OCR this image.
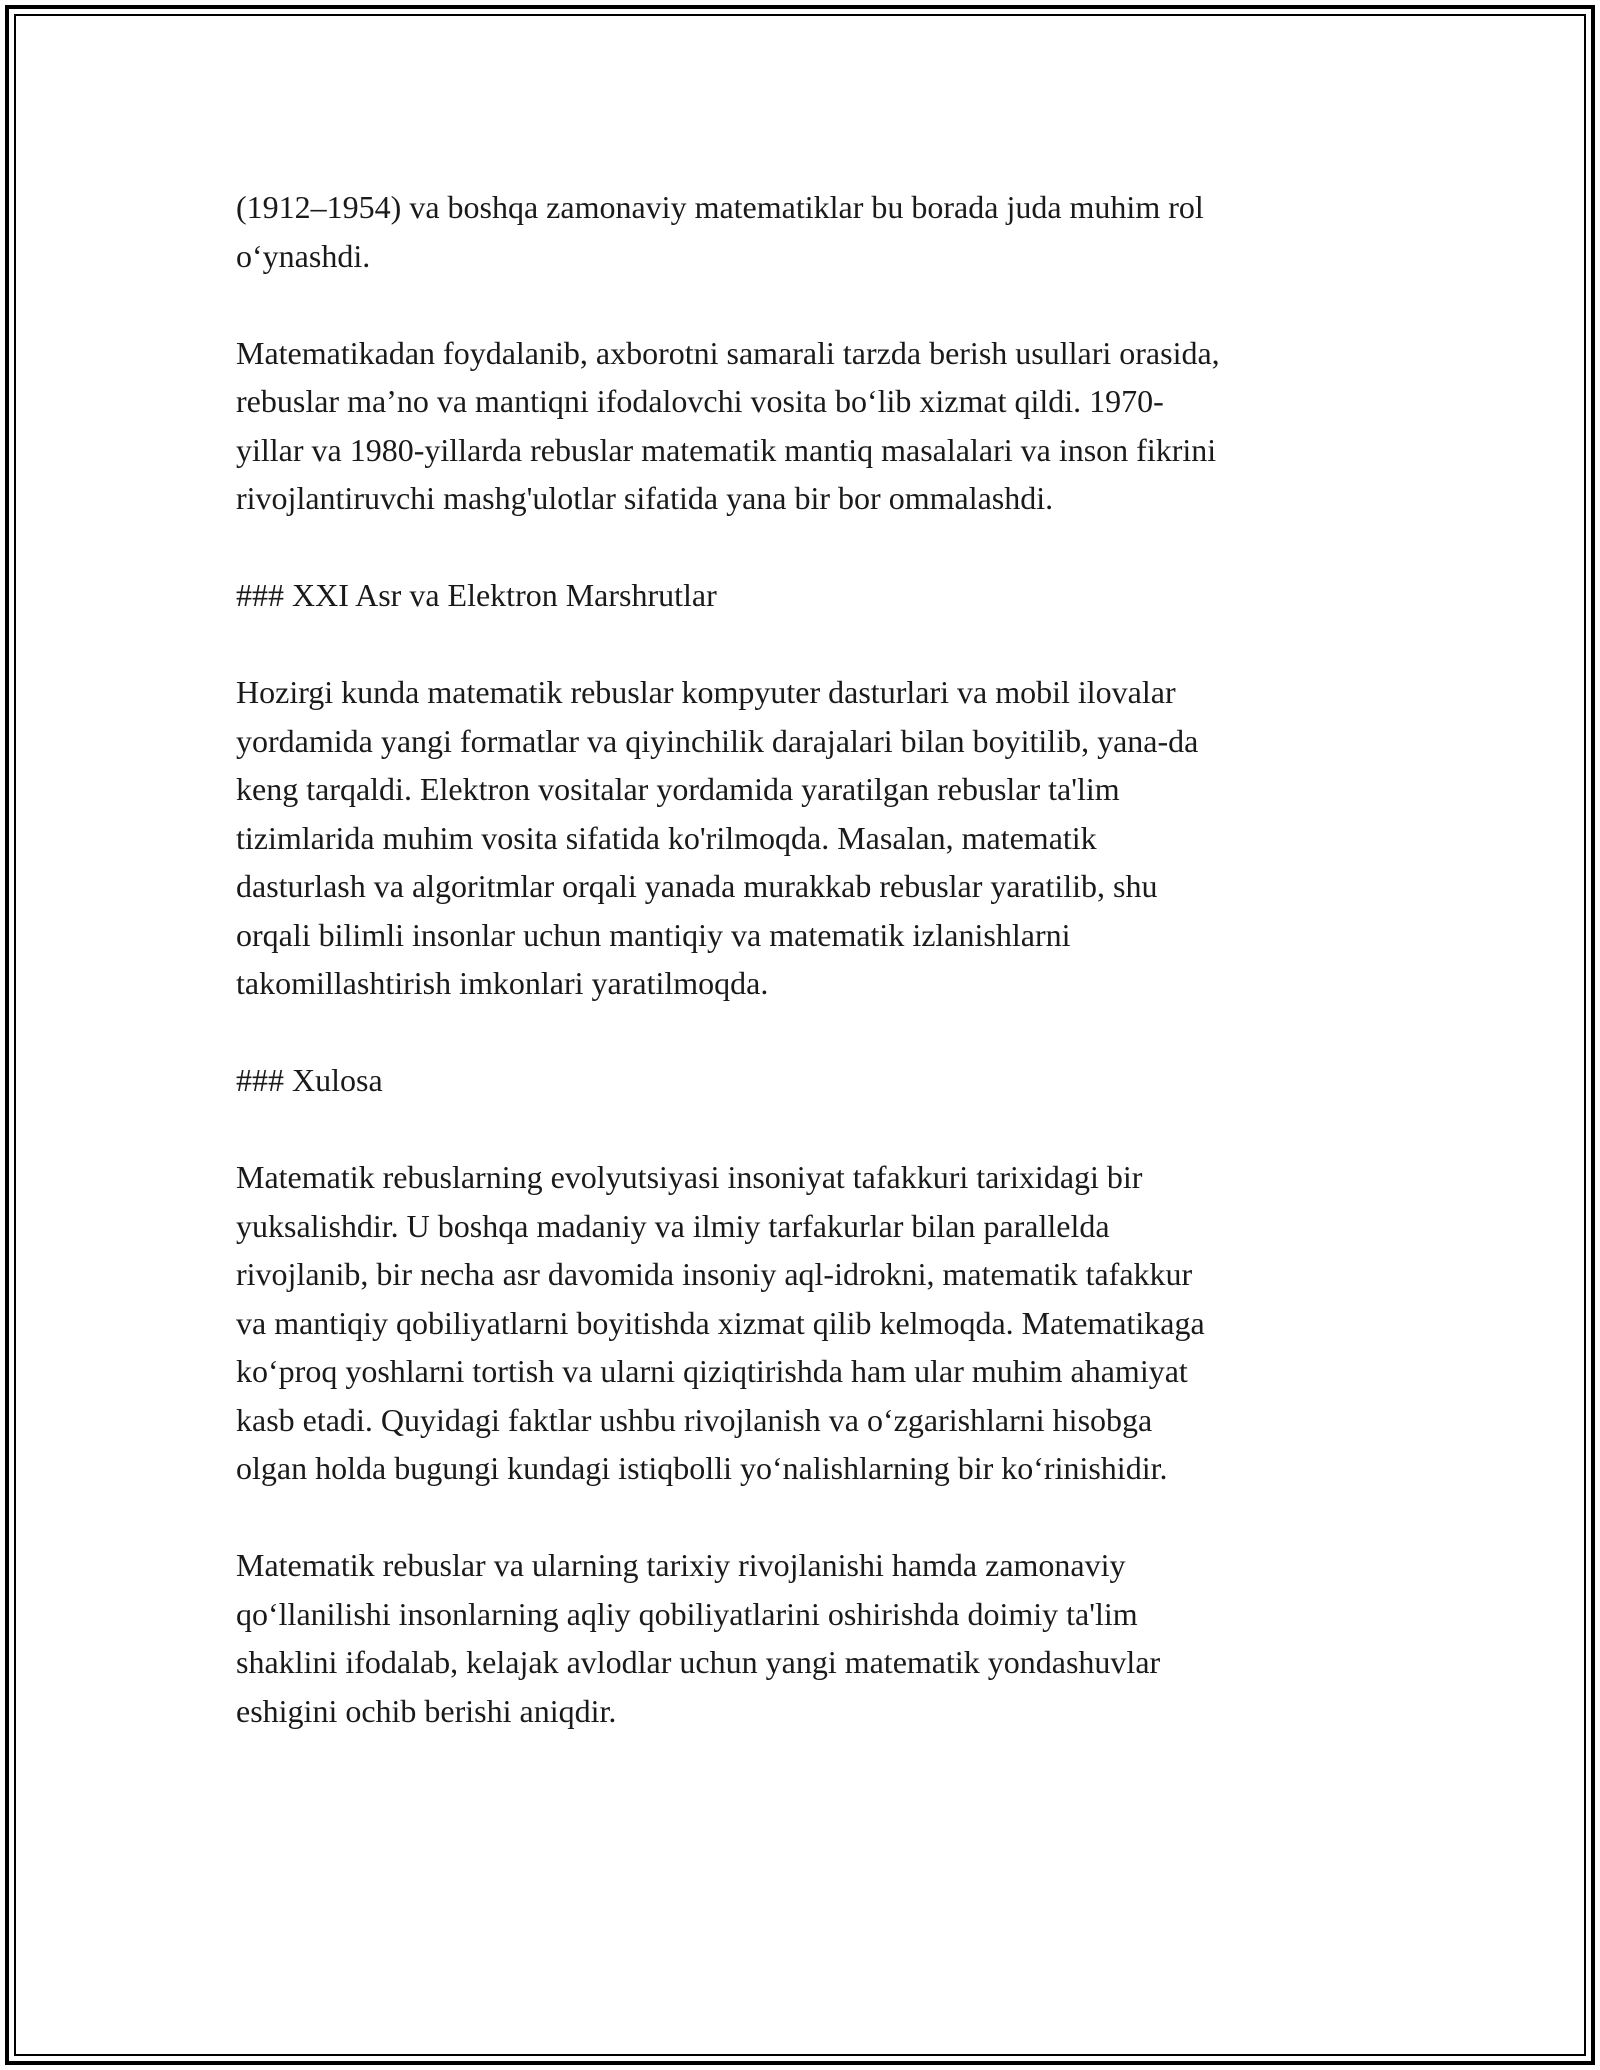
(1912–1954) va boshqa zamonaviy matematiklar bu borada juda muhim rol
o‘ynashdi.
Matematikadan foydalanib, axborotni samarali tarzda berish usullari orasida,
rebuslar ma’no va mantiqni ifodalovchi vosita bo‘lib xizmat qildi. 1970-
yillar va 1980-yillarda rebuslar matematik mantiq masalalari va inson fikrini
rivojlantiruvchi mashg'ulotlar sifatida yana bir bor ommalashdi.
### XXI Asr va Elektron Marshrutlar
Hozirgi kunda matematik rebuslar kompyuter dasturlari va mobil ilovalar
yordamida yangi formatlar va qiyinchilik darajalari bilan boyitilib, yana-da
keng tarqaldi. Elektron vositalar yordamida yaratilgan rebuslar ta'lim
tizimlarida muhim vosita sifatida ko'rilmoqda. Masalan, matematik
dasturlash va algoritmlar orqali yanada murakkab rebuslar yaratilib, shu
orqali bilimli insonlar uchun mantiqiy va matematik izlanishlarni
takomillashtirish imkonlari yaratilmoqda.
### Xulosa
Matematik rebuslarning evolyutsiyasi insoniyat tafakkuri tarixidagi bir
yuksalishdir. U boshqa madaniy va ilmiy tarfakurlar bilan parallelda
rivojlanib, bir necha asr davomida insoniy aql-idrokni, matematik tafakkur
va mantiqiy qobiliyatlarni boyitishda xizmat qilib kelmoqda. Matematikaga
ko‘proq yoshlarni tortish va ularni qiziqtirishda ham ular muhim ahamiyat
kasb etadi. Quyidagi faktlar ushbu rivojlanish va o‘zgarishlarni hisobga
olgan holda bugungi kundagi istiqbolli yo‘nalishlarning bir ko‘rinishidir.
Matematik rebuslar va ularning tarixiy rivojlanishi hamda zamonaviy
qo‘llanilishi insonlarning aqliy qobiliyatlarini oshirishda doimiy ta'lim
shaklini ifodalab, kelajak avlodlar uchun yangi matematik yondashuvlar
eshigini ochib berishi aniqdir.
